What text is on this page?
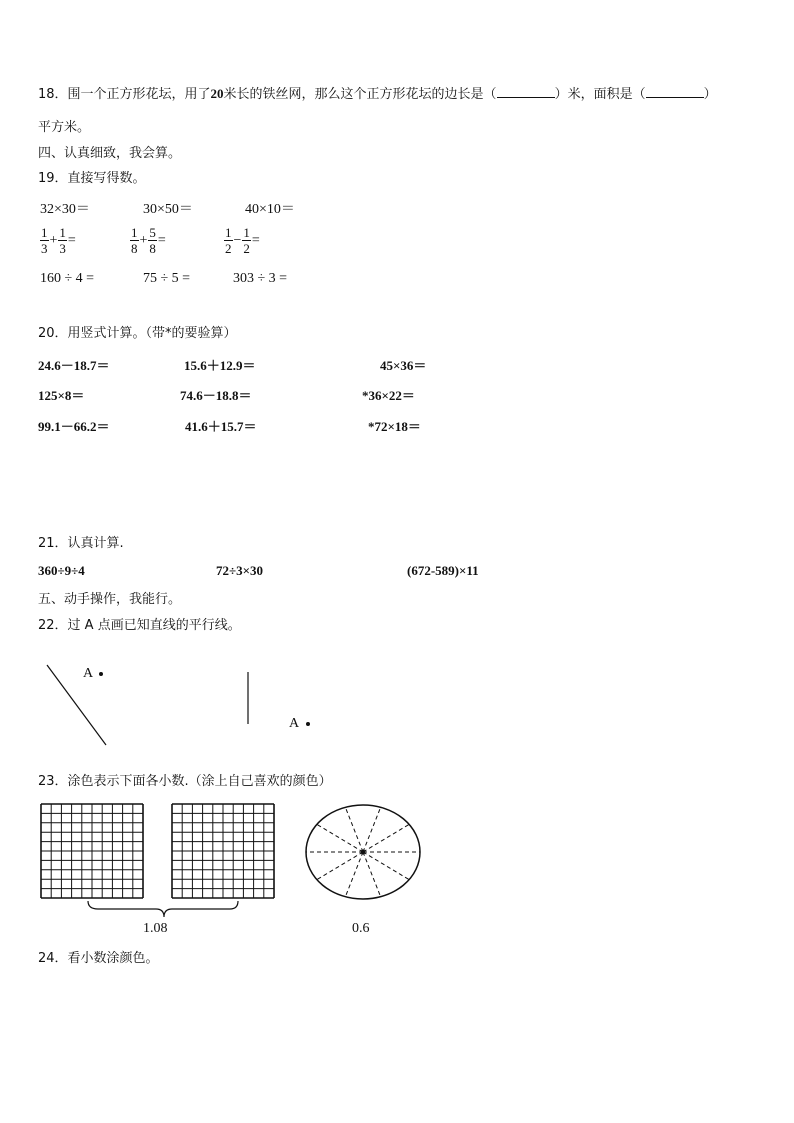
18．围一个正方形花坛，用了20米长的铁丝网，那么这个正方形花坛的边长是（	）米，面积是（	）
平方米。
四、认真细致，我会算。
19．直接写得数。
32×30＝	30×50＝	40×10＝
$\frac{1}{3} + \frac{1}{3}$ =	$\frac{1}{8} + \frac{5}{8}$ =	$\frac{1}{2} - \frac{1}{2}$ =
160 ÷ 4 =	75 ÷ 5 =	303 ÷ 3 =
20．用竖式计算。（带*的要验算）
24.6－18.7＝	15.6＋12.9＝	45×36＝
125×8＝	74.6－18.8＝	*36×22＝
99.1－66.2＝	41.6＋15.7＝	*72×18＝
21．认真计算.
360÷9÷4	72÷3×30	(672-589)×11
五、动手操作，我能行。
22．过 A 点画已知直线的平行线。
A
A
23．涂色表示下面各小数.（涂上自己喜欢的颜色）
1.08	0.6
24．看小数涂颜色。
